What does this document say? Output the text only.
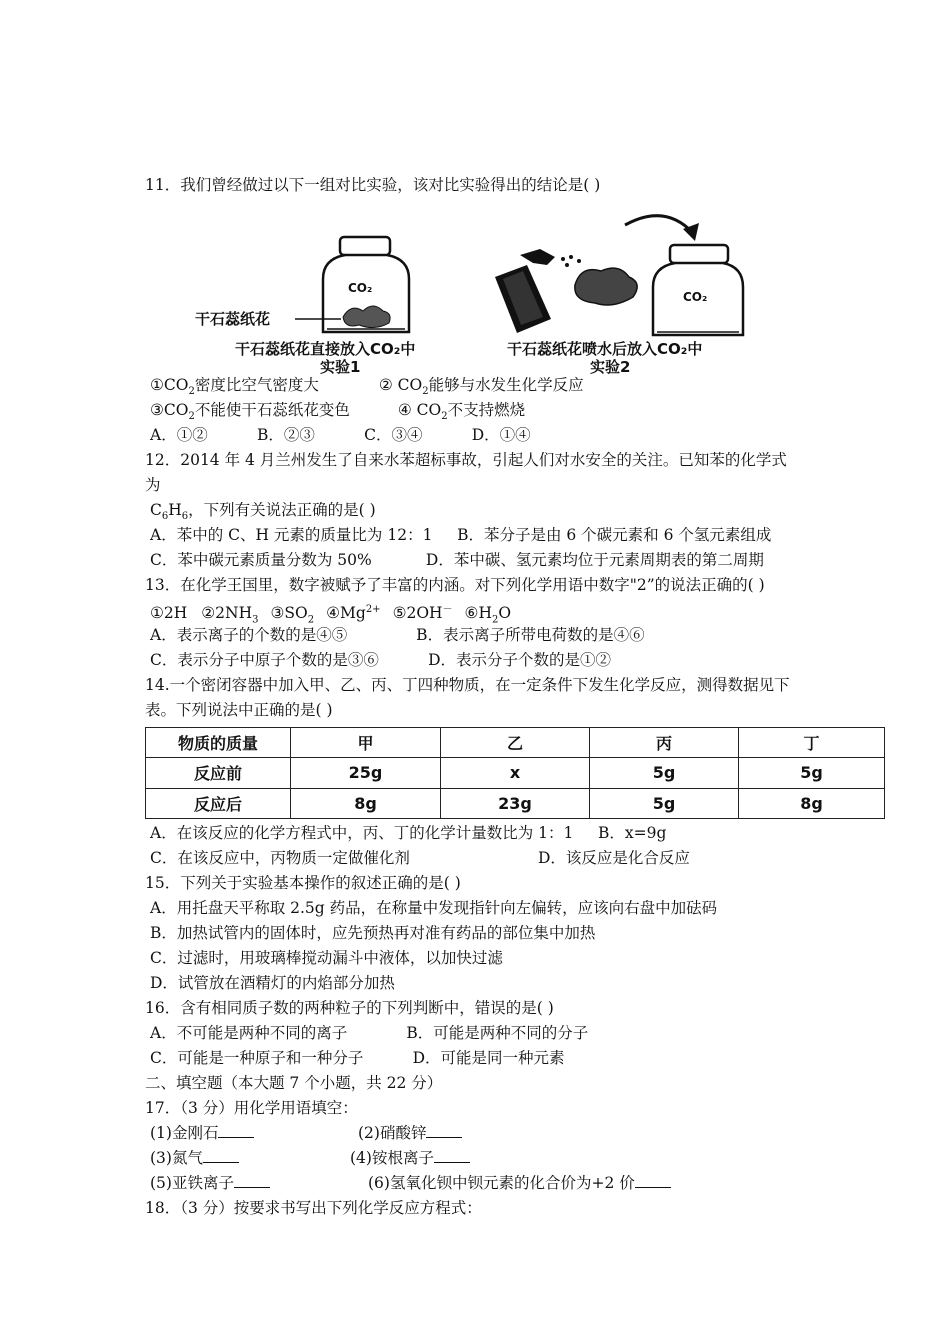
11．我们曾经做过以下一组对比实验，该对比实验得出的结论是( )
CO₂
干石蕊纸花
CO₂
干石蕊纸花直接放入CO₂中
实验1
干石蕊纸花喷水后放入CO₂中
实验2
$①CO_2$密度比空气密度大	② $CO_2$能够与水发生化学反应
$③CO_2$不能使干石蕊纸花变色	④ $CO_2$不支持燃烧
A．①②          B．②③          C．③④          D．①④
12．2014 年 4 月兰州发生了自来水苯超标事故，引起人们对水安全的关注。已知苯的化学式
为
$C_6H_6$，下列有关说法正确的是( )
A．苯中的 C、H 元素的质量比为 12：1     B．苯分子是由 6 个碳元素和 6 个氢元素组成
C．苯中碳元素质量分数为 50%           D．苯中碳、氢元素均位于元素周期表的第二周期
13．在化学王国里，数字被赋予了丰富的内涵。对下列化学用语中数字"2”的说法正确的( )
①2H $②2NH_3$ $③SO_2$ $④Mg^{2+}$ ⑤2OH－ $⑥H_2O$
A．表示离子的个数的是④⑤              B．表示离子所带电荷数的是④⑥
C．表示分子中原子个数的是③⑥          D．表示分子个数的是①②
14.一个密闭容器中加入甲、乙、丙、丁四种物质，在一定条件下发生化学反应，测得数据见下
表。下列说法中正确的是( )
物质的质量	甲	乙	丙	丁
反应前	25g	x	5g	5g
反应后	8g	23g	5g	8g
A．在该反应的化学方程式中，丙、丁的化学计量数比为 1：1     B．x=9g
C．在该反应中，丙物质一定做催化剂                          D．该反应是化合反应
15．下列关于实验基本操作的叙述正确的是( )
A．用托盘天平称取 2.5g 药品，在称量中发现指针向左偏转，应该向右盘中加砝码
B．加热试管内的固体时，应先预热再对准有药品的部位集中加热
C．过滤时，用玻璃棒搅动漏斗中液体，以加快过滤
D．试管放在酒精灯的内焰部分加热
16．含有相同质子数的两种粒子的下列判断中，错误的是( )
A．不可能是两种不同的离子            B．可能是两种不同的分子
C．可能是一种原子和一种分子          D．可能是同一种元素
二、填空题（本大题 7 个小题，共 22 分）
17．（3 分）用化学用语填空：
(1)金刚石	(2)硝酸锌
(3)氮气	(4)铵根离子
(5)亚铁离子	(6)氢氧化钡中钡元素的化合价为+2 价
18．（3 分）按要求书写出下列化学反应方程式：
